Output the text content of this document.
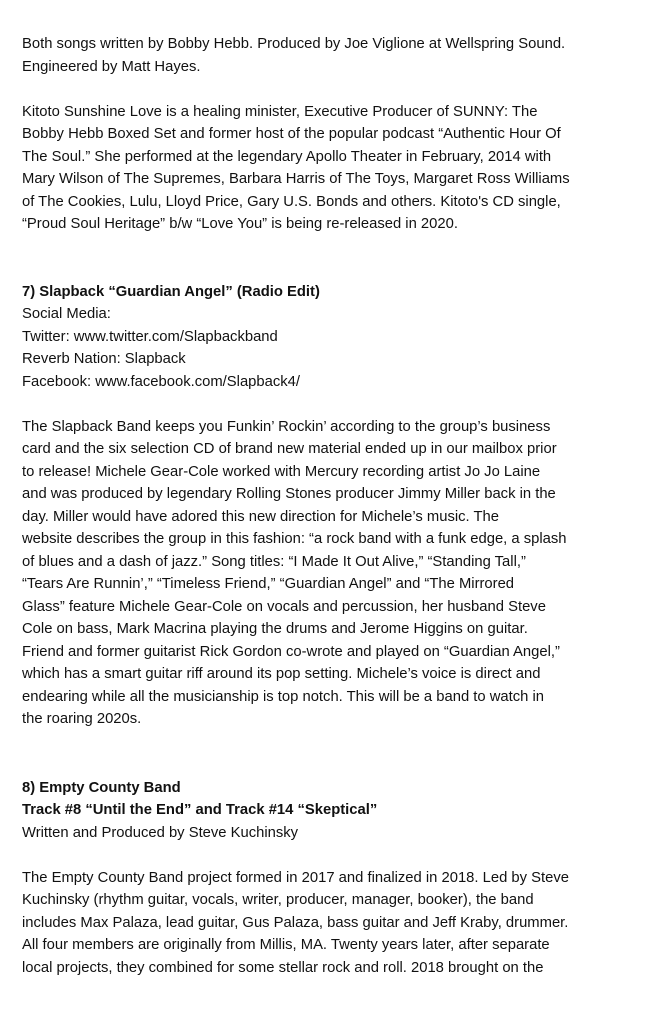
Both songs written by Bobby Hebb. Produced by Joe Viglione at Wellspring Sound.
Engineered by Matt Hayes.

Kitoto Sunshine Love is a healing minister, Executive Producer of SUNNY: The
Bobby Hebb Boxed Set and former host of the popular podcast “Authentic Hour Of
The Soul.” She performed at the legendary Apollo Theater in February, 2014 with
Mary Wilson of The Supremes, Barbara Harris of The Toys, Margaret Ross Williams
of The Cookies, Lulu, Lloyd Price, Gary U.S. Bonds and others. Kitoto's CD single,
“Proud Soul Heritage” b/w “Love You” is being re-released in 2020.

7) Slapback “Guardian Angel” (Radio Edit)
Social Media:
Twitter: www.twitter.com/Slapbackband
Reverb Nation: Slapback
Facebook: www.facebook.com/Slapback4/

The Slapback Band keeps you Funkin’ Rockin’ according to the group’s business
card and the six selection CD of brand new material ended up in our mailbox prior
to release! Michele Gear-Cole worked with Mercury recording artist Jo Jo Laine
and was produced by legendary Rolling Stones producer Jimmy Miller back in the
day. Miller would have adored this new direction for Michele’s music. The
website describes the group in this fashion: “a rock band with a funk edge, a splash
of blues and a dash of jazz.” Song titles: “I Made It Out Alive,” “Standing Tall,”
“Tears Are Runnin’,” “Timeless Friend,” “Guardian Angel” and “The Mirrored
Glass” feature Michele Gear-Cole on vocals and percussion, her husband Steve
Cole on bass, Mark Macrina playing the drums and Jerome Higgins on guitar.
Friend and former guitarist Rick Gordon co-wrote and played on “Guardian Angel,”
which has a smart guitar riff around its pop setting. Michele’s voice is direct and
endearing while all the musicianship is top notch. This will be a band to watch in
the roaring 2020s.

8) Empty County Band
Track #8 “Until the End” and Track #14 “Skeptical”
Written and Produced by Steve Kuchinsky

The Empty County Band project formed in 2017 and finalized in 2018. Led by Steve
Kuchinsky (rhythm guitar, vocals, writer, producer, manager, booker), the band
includes Max Palaza, lead guitar, Gus Palaza, bass guitar and Jeff Kraby, drummer.
All four members are originally from Millis, MA. Twenty years later, after separate
local projects, they combined for some stellar rock and roll. 2018 brought on the
